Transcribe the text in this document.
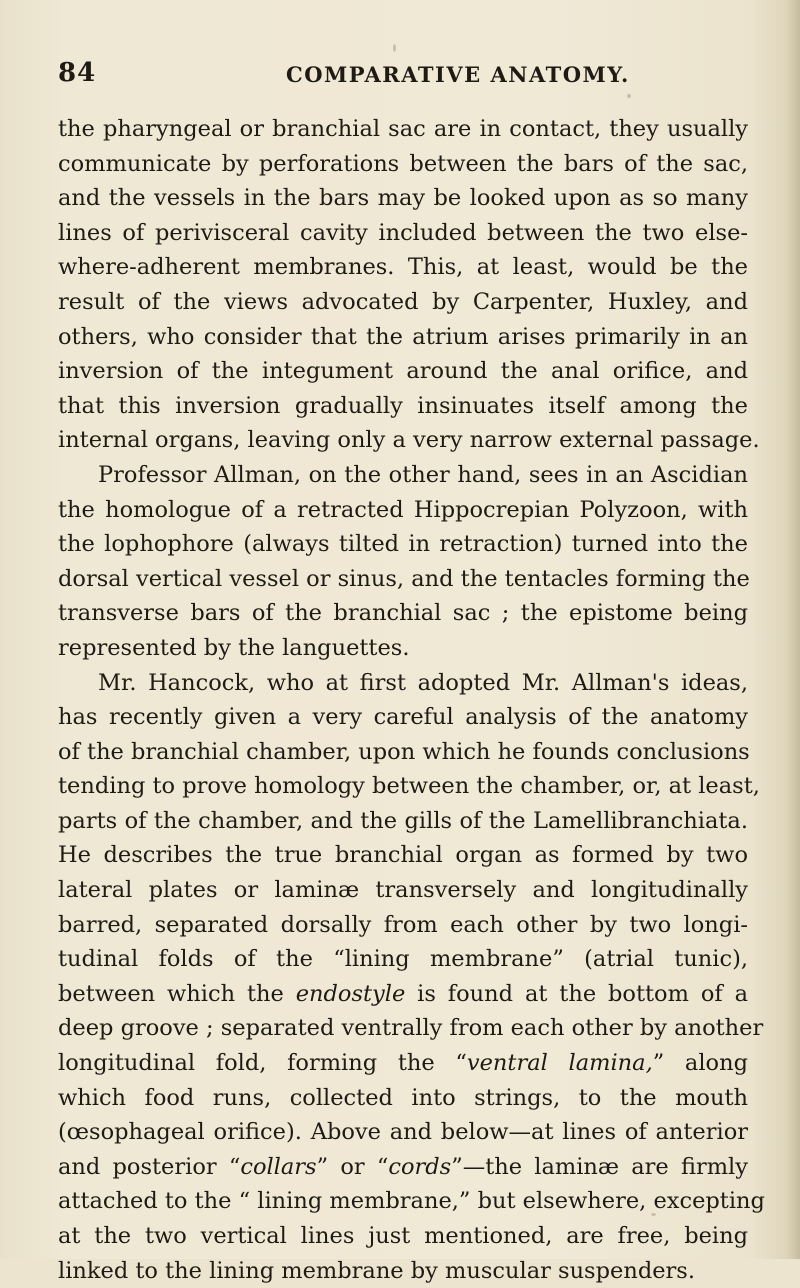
84	COMPARATIVE ANATOMY.
the pharyngeal or branchial sac are in contact, they usually
communicate by perforations between the bars of the sac,
and the vessels in the bars may be looked upon as so many
lines of perivisceral cavity included between the two else-
where-adherent membranes. This, at least, would be the
result of the views advocated by Carpenter, Huxley, and
others, who consider that the atrium arises primarily in an
inversion of the integument around the anal orifice, and
that this inversion gradually insinuates itself among the
internal organs, leaving only a very narrow external passage.
Professor Allman, on the other hand, sees in an Ascidian
the homologue of a retracted Hippocrepian Polyzoon, with
the lophophore (always tilted in retraction) turned into the
dorsal vertical vessel or sinus, and the tentacles forming the
transverse bars of the branchial sac ; the epistome being
represented by the languettes.
Mr. Hancock, who at first adopted Mr. Allman's ideas,
has recently given a very careful analysis of the anatomy
of the branchial chamber, upon which he founds conclusions
tending to prove homology between the chamber, or, at least,
parts of the chamber, and the gills of the Lamellibranchiata.
He describes the true branchial organ as formed by two
lateral plates or laminæ transversely and longitudinally
barred, separated dorsally from each other by two longi-
tudinal folds of the “lining membrane” (atrial tunic),
between which the endostyle is found at the bottom of a
deep groove ; separated ventrally from each other by another
longitudinal fold, forming the “ventral lamina,” along
which food runs, collected into strings, to the mouth
(œsophageal orifice). Above and below—at lines of anterior
and posterior “collars” or “cords”—the laminæ are firmly
attached to the “ lining membrane,” but elsewhere, excepting
at the two vertical lines just mentioned, are free, being
linked to the lining membrane by muscular suspenders.
